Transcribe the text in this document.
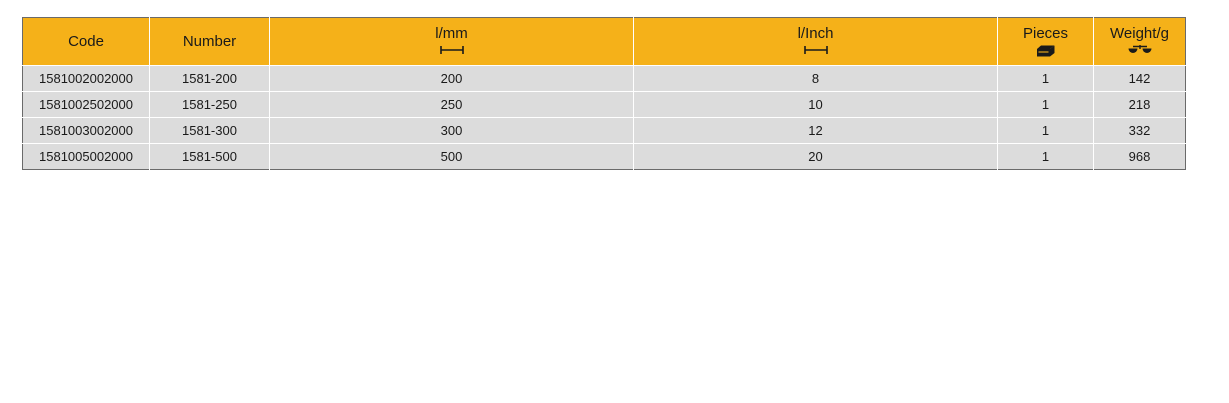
Code	Number	l/mm	l/Inch	Pieces	Weight/g

1581002002000	1581-200	200	8	1	142
1581002502000	1581-250	250	10	1	218
1581003002000	1581-300	300	12	1	332
1581005002000	1581-500	500	20	1	968
